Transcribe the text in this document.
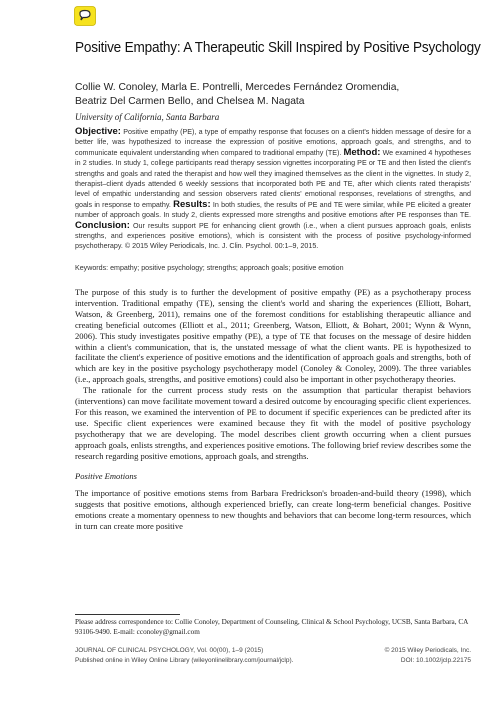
Positive Empathy: A Therapeutic Skill Inspired by Positive Psychology
Collie W. Conoley, Marla E. Pontrelli, Mercedes Fernández Oromendia,
Beatriz Del Carmen Bello, and Chelsea M. Nagata
University of California, Santa Barbara
Objective: Positive empathy (PE), a type of empathy response that focuses on a client's hidden message of desire for a better life, was hypothesized to increase the expression of positive emotions, approach goals, and strengths, and to communicate equivalent understanding when compared to traditional empathy (TE). Method: We examined 4 hypotheses in 2 studies. In study 1, college participants read therapy session vignettes incorporating PE or TE and then listed the client's strengths and goals and rated the therapist and how well they imagined themselves as the client in the vignettes. In study 2, therapist–client dyads attended 6 weekly sessions that incorporated both PE and TE, after which clients rated therapists' level of empathic understanding and session observers rated clients' emotional responses, revelations of strengths, and goals in response to empathy. Results: In both studies, the results of PE and TE were similar, while PE elicited a greater number of approach goals. In study 2, clients expressed more strengths and positive emotions after PE responses than TE. Conclusion: Our results support PE for enhancing client growth (i.e., when a client pursues approach goals, enlists strengths, and experiences positive emotions), which is consistent with the process of positive psychology-informed psychotherapy. © 2015 Wiley Periodicals, Inc. J. Clin. Psychol. 00:1–9, 2015.
Keywords: empathy; positive psychology; strengths; approach goals; positive emotion

The purpose of this study is to further the development of positive empathy (PE) as a psychotherapy process intervention. Traditional empathy (TE), sensing the client's world and sharing the experiences (Elliott, Bohart, Watson, & Greenberg, 2011), remains one of the foremost conditions for establishing therapeutic alliance and creating beneficial outcomes (Elliott et al., 2011; Greenberg, Watson, Elliott, & Bohart, 2001; Wynn & Wynn, 2006). This study investigates positive empathy (PE), a type of TE that focuses on the message of desire hidden within a client's communication, that is, the unstated message of what the client wants. PE is hypothesized to facilitate the client's experience of positive emotions and the identification of approach goals and strengths, both of which are key in the positive psychology psychotherapy model (Conoley & Conoley, 2009). The three variables (i.e., approach goals, strengths, and positive emotions) could also be important in other psychotherapy theories.

The rationale for the current process study rests on the assumption that particular therapist behaviors (interventions) can move facilitate movement toward a desired outcome by encouraging specific client experiences. For this reason, we examined the intervention of PE to document if specific experiences can be predicted after its use. Specific client experiences were examined because they fit with the model of positive psychology psychotherapy that we are developing. The model describes client growth occurring when a client pursues approach goals, enlists strengths, and experiences positive emotions. The following brief review describes some the research regarding positive emotions, approach goals, and strengths.

Positive Emotions

The importance of positive emotions stems from Barbara Fredrickson's broaden-and-build theory (1998), which suggests that positive emotions, although experienced briefly, can create long-term beneficial changes. Positive emotions create a momentary openness to new thoughts and behaviors that can become long-term resources, which in turn can create more positive

Please address correspondence to: Collie Conoley, Department of Counseling, Clinical & School Psychology, UCSB, Santa Barbara, CA 93106-9490. E-mail: cconoley@gmail.com
JOURNAL OF CLINICAL PSYCHOLOGY, Vol. 00(00), 1–9 (2015)	© 2015 Wiley Periodicals, Inc.
Published online in Wiley Online Library (wileyonlinelibrary.com/journal/jclp).	DOI: 10.1002/jclp.22175
